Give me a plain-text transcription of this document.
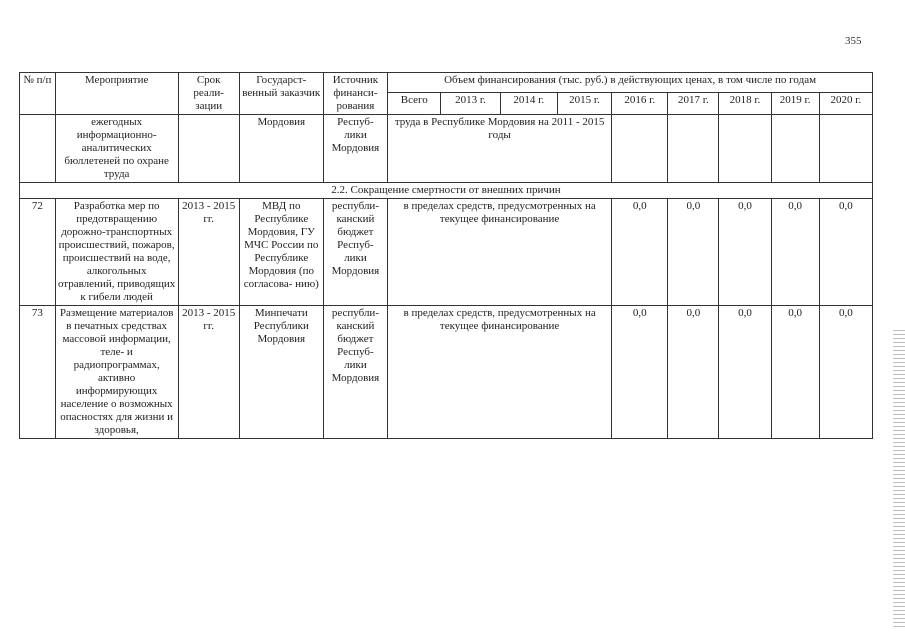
355
№ п/п	Мероприятие	Срок реали- зации	Государст- венный заказчик	Источник финанси- рования	Объем финансирования (тыс. руб.) в действующих ценах, в том числе по годам								
					Всего	2013 г.	2014 г.	2015 г.	2016 г.	2017 г.	2018 г.	2019 г.	2020 г.
	ежегодных информационно-аналитических бюллетеней по охране труда		Мордовия	Респуб- лики Мордовия	труда в Республике Мордовия на 2011 - 2015 годы								
2.2. Сокращение смертности от внешних причин													
72	Разработка мер по предотвращению дорожно-транспортных происшествий, пожаров, происшествий на воде, алкогольных отравлений, приводящих к гибели людей	2013 - 2015 гг.	МВД по Республике Мордовия, ГУ МЧС России по Республике Мордовия (по согласова- нию)	республи- канский бюджет Респуб- лики Мордовия	в пределах средств, предусмотренных на текущее финансирование				0,0	0,0	0,0	0,0	0,0
73	Размещение материалов в печатных средствах массовой информации, теле- и радиопрограммах, активно информирующих население о возможных опасностях для жизни и здоровья,	2013 - 2015 гг.	Минпечати Республики Мордовия	республи- канский бюджет Респуб- лики Мордовия	в пределах средств, предусмотренных на текущее финансирование				0,0	0,0	0,0	0,0	0,0
